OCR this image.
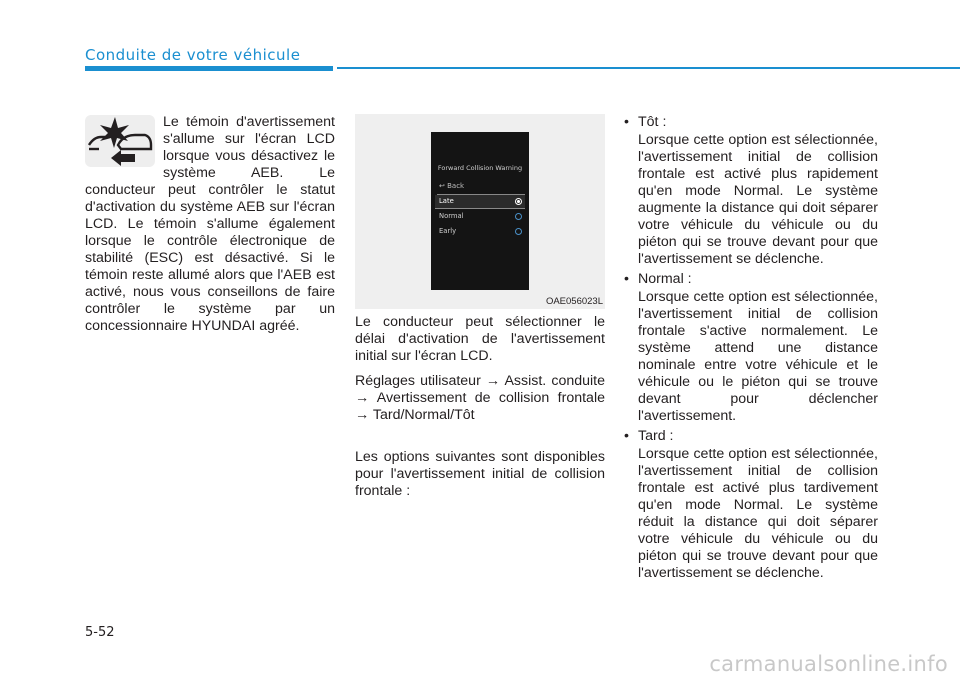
Conduite de votre véhicule

Le témoin d'avertissement s'allume sur l'écran LCD lorsque vous désactivez le système AEB. Le conducteur peut contrôler le statut d'activation du système AEB sur l'écran LCD. Le témoin s'allume également lorsque le contrôle électronique de stabilité (ESC) est désactivé. Si le témoin reste allumé alors que l'AEB est activé, nous vous conseillons de faire contrôler le système par un concessionnaire HYUNDAI agréé.

Forward Collision Warning
↩ Back
Late
Normal
Early
OAE056023L

Le conducteur peut sélectionner le délai d'activation de l'avertissement initial sur l'écran LCD.

Réglages utilisateur → Assist. conduite → Avertissement de collision frontale → Tard/Normal/Tôt

Les options suivantes sont disponibles pour l'avertissement initial de collision frontale :

• Tôt :
Lorsque cette option est sélectionnée, l'avertissement initial de collision frontale est activé plus rapidement qu'en mode Normal. Le système augmente la distance qui doit séparer votre véhicule du véhicule ou du piéton qui se trouve devant pour que l'avertissement se déclenche.
• Normal :
Lorsque cette option est sélectionnée, l'avertissement initial de collision frontale s'active normalement. Le système attend une distance nominale entre votre véhicule et le véhicule ou le piéton qui se trouve devant pour déclencher l'avertissement.
• Tard :
Lorsque cette option est sélectionnée, l'avertissement initial de collision frontale est activé plus tardivement qu'en mode Normal. Le système réduit la distance qui doit séparer votre véhicule du véhicule ou du piéton qui se trouve devant pour que l'avertissement se déclenche.
5-52
carmanualsonline.info
